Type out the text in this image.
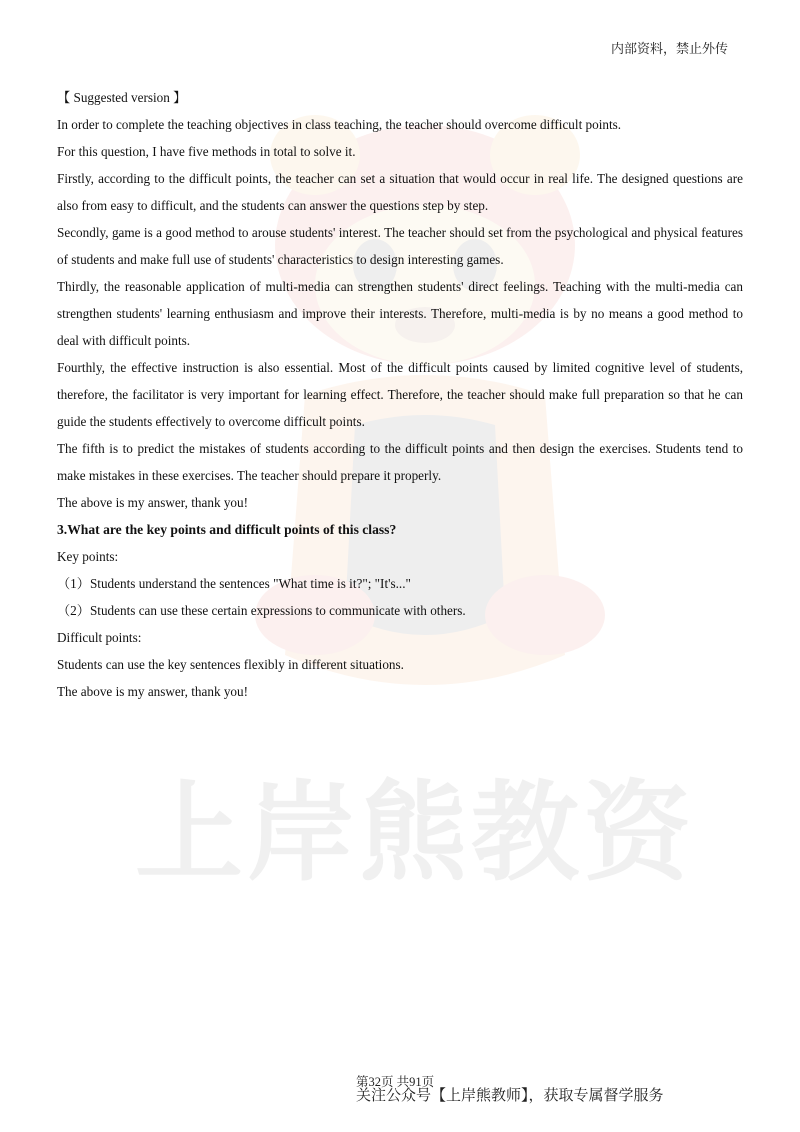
上岸熊教资
内部资料，禁止外传

【 Suggested version 】

In order to complete the teaching objectives in class teaching, the teacher should overcome difficult points.

For this question, I have five methods in total to solve it.

Firstly, according to the difficult points, the teacher can set a situation that would occur in real life. The designed questions are also from easy to difficult, and the students can answer the questions step by step.

Secondly, game is a good method to arouse students' interest. The teacher should set from the psychological and physical features of students and make full use of students' characteristics to design interesting games.

Thirdly, the reasonable application of multi-media can strengthen students' direct feelings. Teaching with the multi-media can strengthen students' learning enthusiasm and improve their interests. Therefore, multi-media is by no means a good method to deal with difficult points.

Fourthly, the effective instruction is also essential. Most of the difficult points caused by limited cognitive level of students, therefore, the facilitator is very important for learning effect. Therefore, the teacher should make full preparation so that he can guide the students effectively to overcome difficult points.

The fifth is to predict the mistakes of students according to the difficult points and then design the exercises. Students tend to make mistakes in these exercises. The teacher should prepare it properly.

The above is my answer, thank you!

3.What are the key points and difficult points of this class?

Key points:

（1）Students understand the sentences "What time is it?"; "It's..."

（2）Students can use these certain expressions to communicate with others.

Difficult points:

Students can use the key sentences flexibly in different situations.

The above is my answer, thank you!

第32页 共91页
关注公众号【上岸熊教师】，获取专属督学服务
